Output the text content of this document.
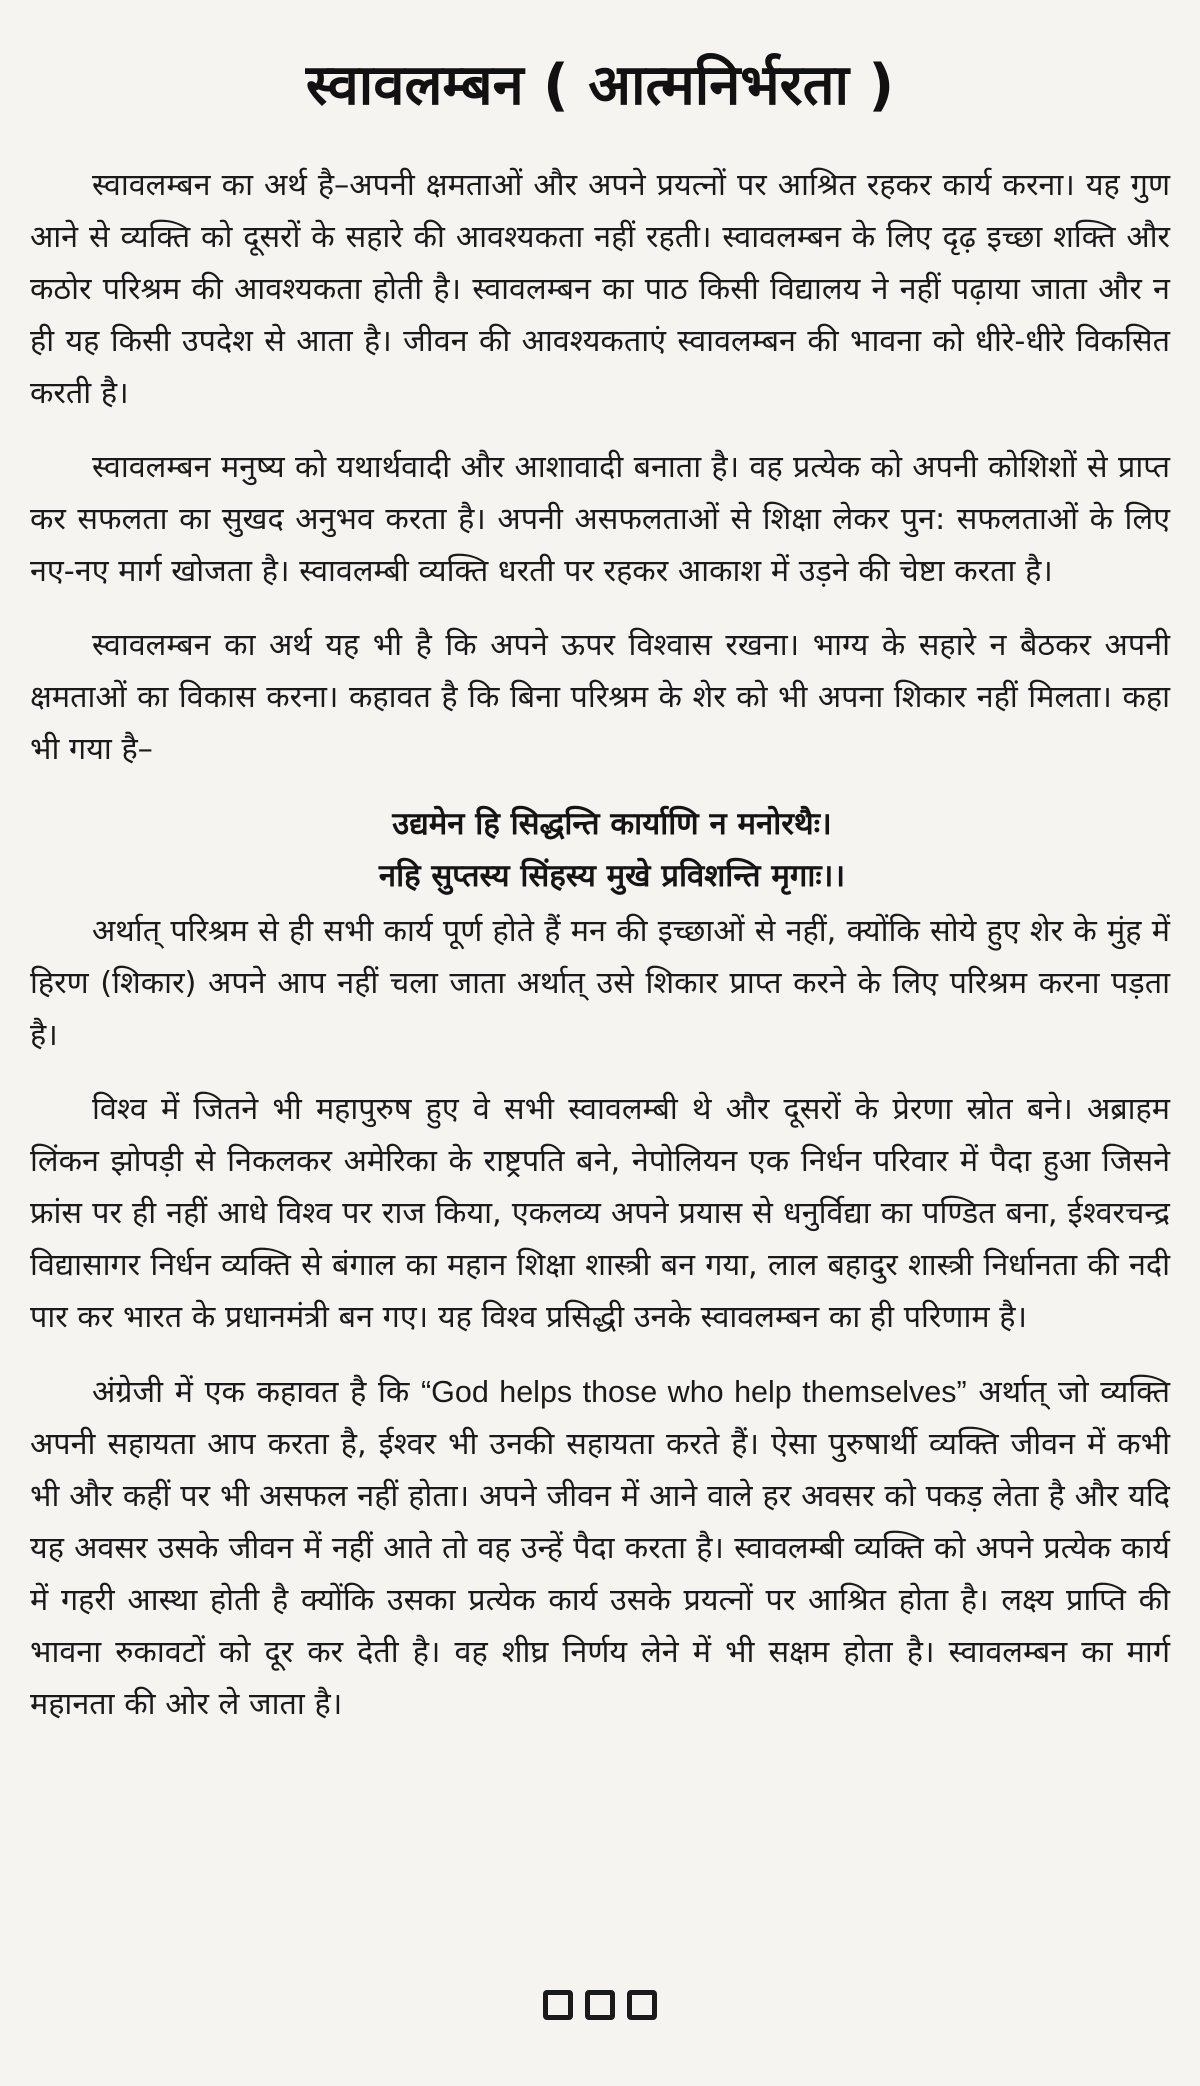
स्वावलम्बन ( आत्मनिर्भरता )

स्वावलम्बन का अर्थ है–अपनी क्षमताओं और अपने प्रयत्नों पर आश्रित रहकर कार्य करना। यह गुण आने से व्यक्ति को दूसरों के सहारे की आवश्यकता नहीं रहती। स्वावलम्बन के लिए दृढ़ इच्छा शक्ति और कठोर परिश्रम की आवश्यकता होती है। स्वावलम्बन का पाठ किसी विद्यालय ने नहीं पढ़ाया जाता और न ही यह किसी उपदेश से आता है। जीवन की आवश्यकताएं स्वावलम्बन की भावना को धीरे-धीरे विकसित करती है।

स्वावलम्बन मनुष्य को यथार्थवादी और आशावादी बनाता है। वह प्रत्येक को अपनी कोशिशों से प्राप्त कर सफलता का सुखद अनुभव करता है। अपनी असफलताओं से शिक्षा लेकर पुन: सफलताओं के लिए नए-नए मार्ग खोजता है। स्वावलम्बी व्यक्ति धरती पर रहकर आकाश में उड़ने की चेष्टा करता है।

स्वावलम्बन का अर्थ यह भी है कि अपने ऊपर विश्वास रखना। भाग्य के सहारे न बैठकर अपनी क्षमताओं का विकास करना। कहावत है कि बिना परिश्रम के शेर को भी अपना शिकार नहीं मिलता। कहा भी गया है–

उद्यमेन हि सिद्धन्ति कार्याणि न मनोरथैः।
नहि सुप्तस्य सिंहस्य मुखे प्रविशन्ति मृगाः।।

अर्थात् परिश्रम से ही सभी कार्य पूर्ण होते हैं मन की इच्छाओं से नहीं, क्योंकि सोये हुए शेर के मुंह में हिरण (शिकार) अपने आप नहीं चला जाता अर्थात् उसे शिकार प्राप्त करने के लिए परिश्रम करना पड़ता है।

विश्व में जितने भी महापुरुष हुए वे सभी स्वावलम्बी थे और दूसरों के प्रेरणा स्रोत बने। अब्राहम लिंकन झोपड़ी से निकलकर अमेरिका के राष्ट्रपति बने, नेपोलियन एक निर्धन परिवार में पैदा हुआ जिसने फ्रांस पर ही नहीं आधे विश्व पर राज किया, एकलव्य अपने प्रयास से धनुर्विद्या का पण्डित बना, ईश्वरचन्द्र विद्यासागर निर्धन व्यक्ति से बंगाल का महान शिक्षा शास्त्री बन गया, लाल बहादुर शास्त्री निर्धानता की नदी पार कर भारत के प्रधानमंत्री बन गए। यह विश्व प्रसिद्धी उनके स्वावलम्बन का ही परिणाम है।

अंग्रेजी में एक कहावत है कि “God helps those who help themselves” अर्थात् जो व्यक्ति अपनी सहायता आप करता है, ईश्वर भी उनकी सहायता करते हैं। ऐसा पुरुषार्थी व्यक्ति जीवन में कभी भी और कहीं पर भी असफल नहीं होता। अपने जीवन में आने वाले हर अवसर को पकड़ लेता है और यदि यह अवसर उसके जीवन में नहीं आते तो वह उन्हें पैदा करता है। स्वावलम्बी व्यक्ति को अपने प्रत्येक कार्य में गहरी आस्था होती है क्योंकि उसका प्रत्येक कार्य उसके प्रयत्नों पर आश्रित होता है। लक्ष्य प्राप्ति की भावना रुकावटों को दूर कर देती है। वह शीघ्र निर्णय लेने में भी सक्षम होता है। स्वावलम्बन का मार्ग महानता की ओर ले जाता है।
